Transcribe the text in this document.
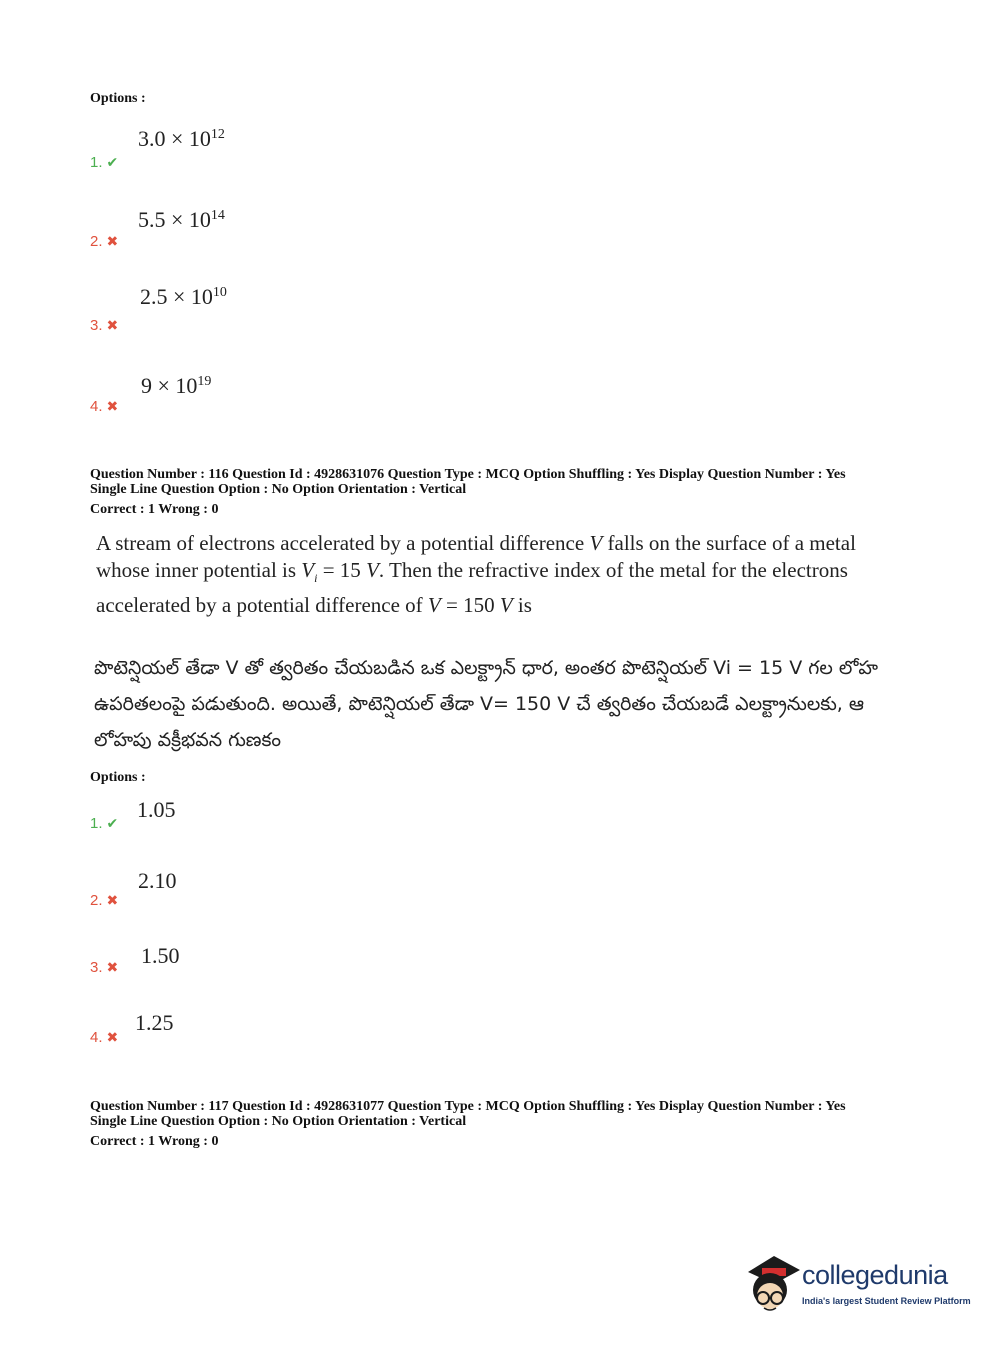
Options :
$3.0 \times 10^{12}$
1. ✔
$5.5 \times 10^{14}$
2. ✖
$2.5 \times 10^{10}$
3. ✖
$9 \times 10^{19}$
4. ✖
Question Number : 116 Question Id : 4928631076 Question Type : MCQ Option Shuffling : Yes Display Question Number : Yes
Single Line Question Option : No Option Orientation : Vertical
Correct : 1 Wrong : 0
A stream of electrons accelerated by a potential difference V falls on the surface of a metal whose inner potential is $V_i = 15$ V. Then the refractive index of the metal for the electrons accelerated by a potential difference of V = 150 V is
పొటెన్షియల్ తేడా V తో త్వరితం చేయబడిన ఒక ఎలక్ట్రాన్ ధార, అంతర పొటెన్షియల్ Vi = 15 V గల లోహ ఉపరితలంపై పడుతుంది. అయితే, పొటెన్షియల్ తేడా V= 150 V చే త్వరితం చేయబడే ఎలక్ట్రానులకు, ఆ లోహపు వక్రీభవన గుణకం
Options :
1.05
1. ✔
2.10
2. ✖
1.50
3. ✖
1.25
4. ✖
Question Number : 117 Question Id : 4928631077 Question Type : MCQ Option Shuffling : Yes Display Question Number : Yes
Single Line Question Option : No Option Orientation : Vertical
Correct : 1 Wrong : 0
collegedunia
India's largest Student Review Platform
